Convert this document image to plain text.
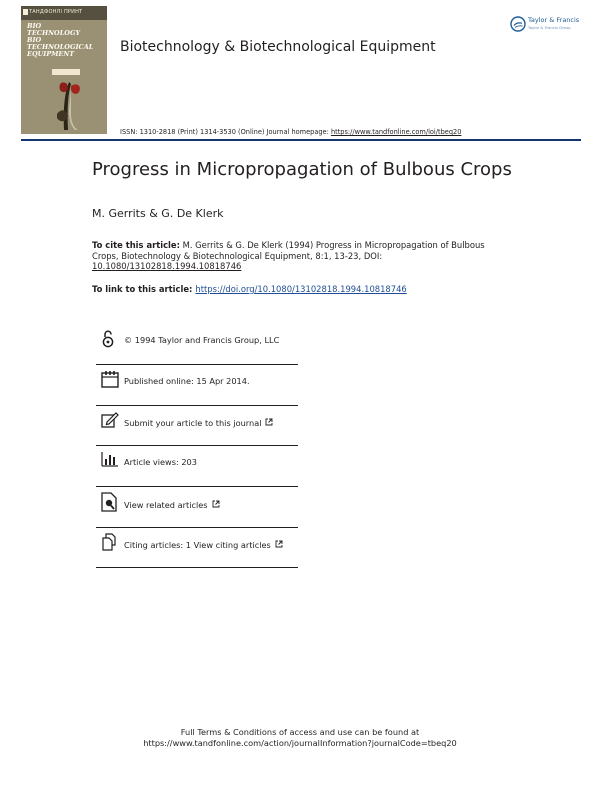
ТАНДФОНЛІ ПРИНТ
BIO
TECHNOLOGY
BIO
TECHNOLOGICAL
EQUIPMENT	Biotechnology & Biotechnological Equipment
ISSN: 1310-2818 (Print) 1314-3530 (Online) Journal homepage: https://www.tandfonline.com/loi/tbeq20
Taylor & Francis
Taylor & Francis Group
Progress in Micropropagation of Bulbous Crops
M. Gerrits & G. De Klerk
To cite this article: M. Gerrits & G. De Klerk (1994) Progress in Micropropagation of Bulbous Crops, Biotechnology & Biotechnological Equipment, 8:1, 13-23, DOI: 10.1080/13102818.1994.10818746
To link to this article: https://doi.org/10.1080/13102818.1994.10818746
© 1994 Taylor and Francis Group, LLC
Published online: 15 Apr 2014.
Submit your article to this journal
Article views: 203
View related articles
Citing articles: 1 View citing articles
Full Terms & Conditions of access and use can be found at
https://www.tandfonline.com/action/journalInformation?journalCode=tbeq20
